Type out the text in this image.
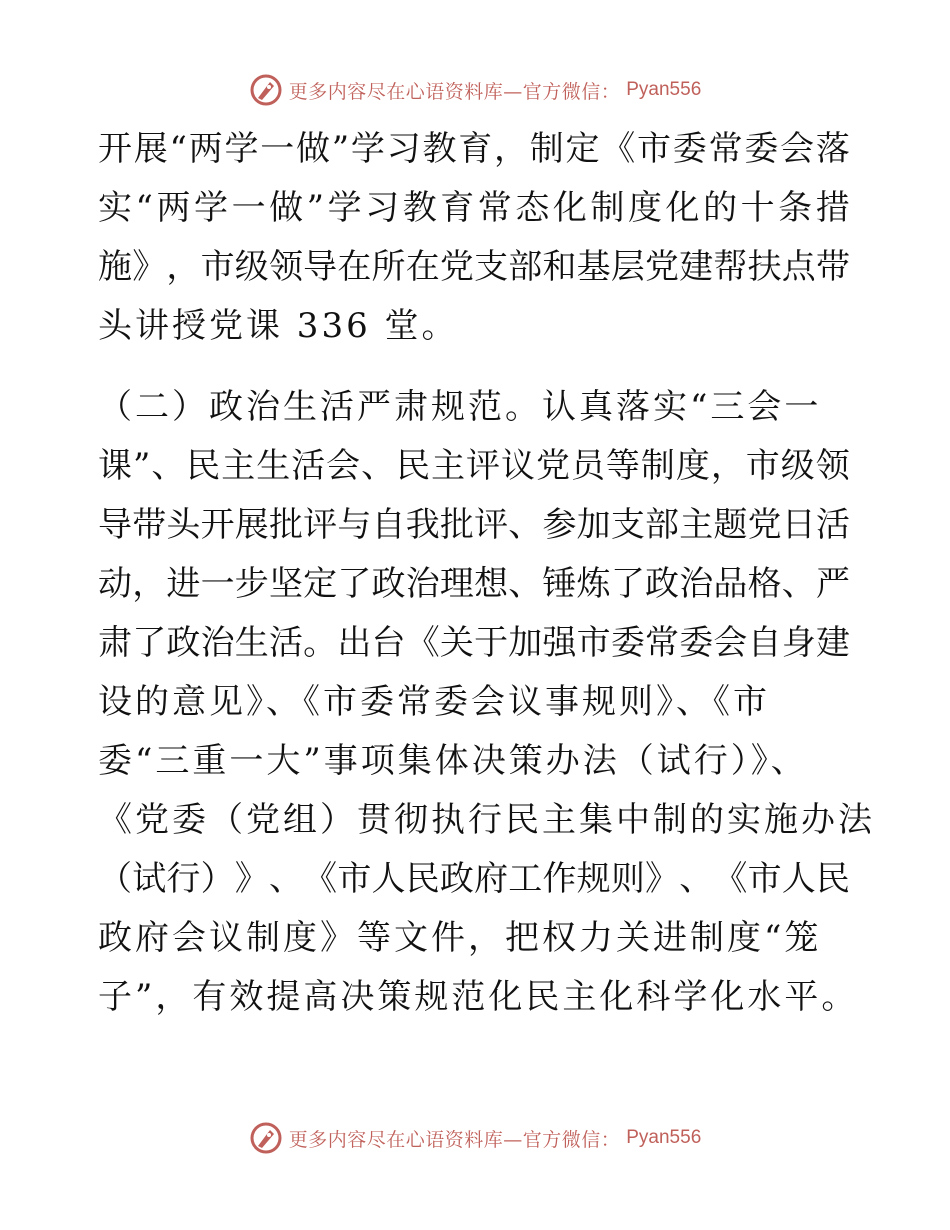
更多内容尽在心语资料库—官方微信： Pyan556
开 展 “ 两 学 一 做 ” 学 习 教 育 ， 制 定 《 市 委 常 委 会 落
实 “ 两 学 一 做 ” 学 习 教 育 常 态 化 制 度 化 的 十 条 措
施 》 ， 市 级 领 导 在 所 在 党 支 部 和 基 层 党 建 帮 扶 点 带
头讲授党课 336 堂。
（二）政治生活严肃规范。认真落实“三会一
课 ” 、 民 主 生 活 会 、 民 主 评 议 党 员 等 制 度 ， 市 级 领
导 带 头 开 展 批 评 与 自 我 批 评 、 参 加 支 部 主 题 党 日 活
动 ， 进 一 步 坚 定 了 政 治 理 想 、 锤 炼 了 政 治 品 格 、 严
肃 了 政 治 生 活 。 出 台 《 关 于 加 强 市 委 常 委 会 自 身 建
设的意见》、《市委常委会议事规则》、《市
委“三重一大”事项集体决策办法（试行）》、
《党委（党组）贯彻执行民主集中制的实施办法
（ 试 行 ） 》 、 《 市 人 民 政 府 工 作 规 则 》 、 《 市 人 民
政府会议制度》等文件，把权力关进制度“笼
子”，有效提高决策规范化民主化科学化水平。
更多内容尽在心语资料库—官方微信： Pyan556
